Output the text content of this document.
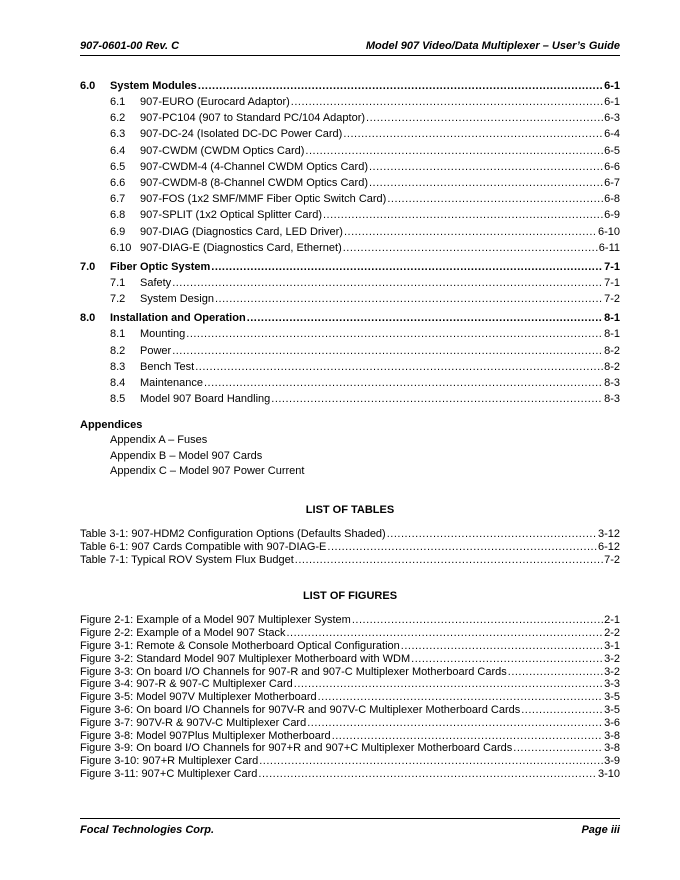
907-0601-00 Rev. C	Model 907 Video/Data Multiplexer – User’s Guide
6.0	System Modules .....	6-1
6.1	907-EURO (Eurocard Adaptor) .....	6-1
6.2	907-PC104 (907 to Standard PC/104 Adaptor) .....	6-3
6.3	907-DC-24 (Isolated DC-DC Power Card) .....	6-4
6.4	907-CWDM (CWDM Optics Card) .....	6-5
6.5	907-CWDM-4 (4-Channel CWDM Optics Card) .....	6-6
6.6	907-CWDM-8 (8-Channel CWDM Optics Card) .....	6-7
6.7	907-FOS (1x2 SMF/MMF Fiber Optic Switch Card) .....	6-8
6.8	907-SPLIT (1x2 Optical Splitter Card) .....	6-9
6.9	907-DIAG (Diagnostics Card, LED Driver) .....	6-10
6.10 907-DIAG-E (Diagnostics Card, Ethernet) .....	6-11
7.0	Fiber Optic System .....	7-1
7.1	Safety .....	7-1
7.2	System Design .....	7-2
8.0	Installation and Operation .....	8-1
8.1	Mounting .....	8-1
8.2	Power .....	8-2
8.3	Bench Test .....	8-2
8.4	Maintenance .....	8-3
8.5	Model 907 Board Handling .....	8-3
Appendices
Appendix A – Fuses
Appendix B – Model 907 Cards
Appendix C – Model 907 Power Current
LIST OF TABLES
Table 3-1: 907-HDM2 Configuration Options (Defaults Shaded) .....	3-12
Table 6-1: 907 Cards Compatible with 907-DIAG-E .....	6-12
Table 7-1: Typical ROV System Flux Budget .....	7-2
LIST OF FIGURES
Figure 2-1: Example of a Model 907 Multiplexer System .....	2-1
Figure 2-2: Example of a Model 907 Stack .....	2-2
Figure 3-1: Remote & Console Motherboard Optical Configuration .....	3-1
Figure 3-2: Standard Model 907 Multiplexer Motherboard with WDM .....	3-2
Figure 3-3: On board I/O Channels for 907-R and 907-C Multiplexer Motherboard Cards .....	3-2
Figure 3-4: 907-R & 907-C Multiplexer Card .....	3-3
Figure 3-5: Model 907V Multiplexer Motherboard .....	3-5
Figure 3-6: On board I/O Channels for 907V-R and 907V-C Multiplexer Motherboard Cards .....	3-5
Figure 3-7: 907V-R & 907V-C Multiplexer Card .....	3-6
Figure 3-8: Model 907Plus Multiplexer Motherboard .....	3-8
Figure 3-9: On board I/O Channels for 907+R and 907+C Multiplexer Motherboard Cards .....	3-8
Figure 3-10: 907+R Multiplexer Card .....	3-9
Figure 3-11: 907+C Multiplexer Card .....	3-10
Focal Technologies Corp.	Page iii
